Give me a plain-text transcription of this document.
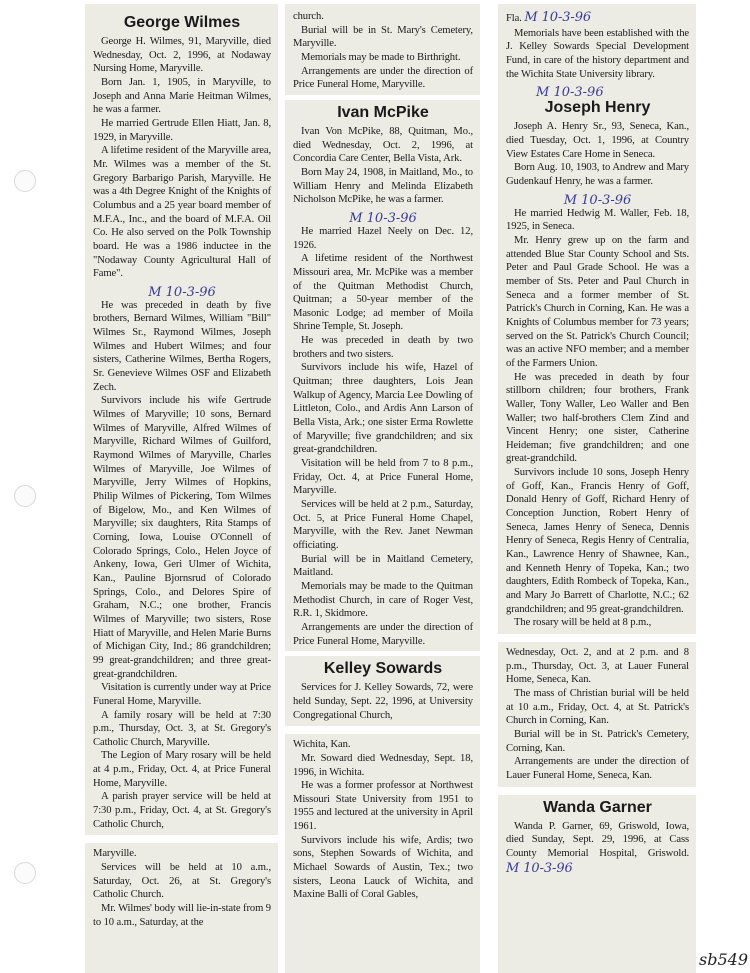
George Wilmes

George H. Wilmes, 91, Maryville, died Wednesday, Oct. 2, 1996, at Nodaway Nursing Home, Maryville.

Born Jan. 1, 1905, in Maryville, to Joseph and Anna Marie Heitman Wilmes, he was a farmer.

He married Gertrude Ellen Hiatt, Jan. 8, 1929, in Maryville.

A lifetime resident of the Maryville area, Mr. Wilmes was a member of the St. Gregory Barbarigo Parish, Maryville. He was a 4th Degree Knight of the Knights of Columbus and a 25 year board member of M.F.A., Inc., and the board of M.F.A. Oil Co. He also served on the Polk Township board. He was a 1986 inductee in the "Nodaway County Agricultural Hall of Fame".

M 10-3-96

He was preceded in death by five brothers, Bernard Wilmes, William "Bill" Wilmes Sr., Raymond Wilmes, Joseph Wilmes and Hubert Wilmes; and four sisters, Catherine Wilmes, Bertha Rogers, Sr. Genevieve Wilmes OSF and Elizabeth Zech.

Survivors include his wife Gertrude Wilmes of Maryville; 10 sons, Bernard Wilmes of Maryville, Alfred Wilmes of Maryville, Richard Wilmes of Guilford, Raymond Wilmes of Maryville, Charles Wilmes of Maryville, Joe Wilmes of Maryville, Jerry Wilmes of Hopkins, Philip Wilmes of Pickering, Tom Wilmes of Bigelow, Mo., and Ken Wilmes of Maryville; six daughters, Rita Stamps of Corning, Iowa, Louise O'Connell of Colorado Springs, Colo., Helen Joyce of Ankeny, Iowa, Geri Ulmer of Wichita, Kan., Pauline Bjornsrud of Colorado Springs, Colo., and Delores Spire of Graham, N.C.; one brother, Francis Wilmes of Maryville; two sisters, Rose Hiatt of Maryville, and Helen Marie Burns of Michigan City, Ind.; 86 grandchildren; 99 great-grandchildren; and three great-great-grandchildren.

Visitation is currently under way at Price Funeral Home, Maryville.

A family rosary will be held at 7:30 p.m., Thursday, Oct. 3, at St. Gregory's Catholic Church, Maryville.

The Legion of Mary rosary will be held at 4 p.m., Friday, Oct. 4, at Price Funeral Home, Maryville.

A parish prayer service will be held at 7:30 p.m., Friday, Oct. 4, at St. Gregory's Catholic Church,

Maryville.

Services will be held at 10 a.m., Saturday, Oct. 26, at St. Gregory's Catholic Church.

Mr. Wilmes' body will lie-in-state from 9 to 10 a.m., Saturday, at the

church.

Burial will be in St. Mary's Cemetery, Maryville.

Memorials may be made to Birthright.

Arrangements are under the direction of Price Funeral Home, Maryville.

Ivan McPike

Ivan Von McPike, 88, Quitman, Mo., died Wednesday, Oct. 2, 1996, at Concordia Care Center, Bella Vista, Ark.

Born May 24, 1908, in Maitland, Mo., to William Henry and Melinda Elizabeth Nicholson McPike, he was a farmer.

M 10-3-96

He married Hazel Neely on Dec. 12, 1926.

A lifetime resident of the Northwest Missouri area, Mr. McPike was a member of the Quitman Methodist Church, Quitman; a 50-year member of the Masonic Lodge; ad member of Moila Shrine Temple, St. Joseph.

He was preceded in death by two brothers and two sisters.

Survivors include his wife, Hazel of Quitman; three daughters, Lois Jean Walkup of Agency, Marcia Lee Dowling of Littleton, Colo., and Ardis Ann Larson of Bella Vista, Ark.; one sister Erma Rowlette of Maryville; five grandchildren; and six great-grandchildren.

Visitation will be held from 7 to 8 p.m., Friday, Oct. 4, at Price Funeral Home, Maryville.

Services will be held at 2 p.m., Saturday, Oct. 5, at Price Funeral Home Chapel, Maryville, with the Rev. Janet Newman officiating.

Burial will be in Maitland Cemetery, Maitland.

Memorials may be made to the Quitman Methodist Church, in care of Roger Vest, R.R. 1, Skidmore.

Arrangements are under the direction of Price Funeral Home, Maryville.

Kelley Sowards

Services for J. Kelley Sowards, 72, were held Sunday, Sept. 22, 1996, at University Congregational Church,

Wichita, Kan.

Mr. Soward died Wednesday, Sept. 18, 1996, in Wichita.

He was a former professor at Northwest Missouri State University from 1951 to 1955 and lectured at the university in April 1961.

Survivors include his wife, Ardis; two sons, Stephen Sowards of Wichita, and Michael Sowards of Austin, Tex.; two sisters, Leona Lauck of Wichita, and Maxine Balli of Coral Gables,

Fla. M 10-3-96

Memorials have been established with the J. Kelley Sowards Special Development Fund, in care of the history department and the Wichita State University library.

M 10-3-96
Joseph Henry

Joseph A. Henry Sr., 93, Seneca, Kan., died Tuesday, Oct. 1, 1996, at Country View Estates Care Home in Seneca.

Born Aug. 10, 1903, to Andrew and Mary Gudenkauf Henry, he was a farmer.

M 10-3-96

He married Hedwig M. Waller, Feb. 18, 1925, in Seneca.

Mr. Henry grew up on the farm and attended Blue Star County School and Sts. Peter and Paul Grade School. He was a member of Sts. Peter and Paul Church in Seneca and a former member of St. Patrick's Church in Corning, Kan. He was a Knights of Columbus member for 73 years; served on the St. Patrick's Church Council; was an active NFO member; and a member of the Farmers Union.

He was preceded in death by four stillborn children; four brothers, Frank Waller, Tony Waller, Leo Waller and Ben Waller; two half-brothers Clem Zind and Vincent Henry; one sister, Catherine Heideman; five grandchildren; and one great-grandchild.

Survivors include 10 sons, Joseph Henry of Goff, Kan., Francis Henry of Goff, Donald Henry of Goff, Richard Henry of Conception Junction, Robert Henry of Seneca, James Henry of Seneca, Dennis Henry of Seneca, Regis Henry of Centralia, Kan., Lawrence Henry of Shawnee, Kan., and Kenneth Henry of Topeka, Kan.; two daughters, Edith Rombeck of Topeka, Kan., and Mary Jo Barrett of Charlotte, N.C.; 62 grandchildren; and 95 great-grandchildren.

The rosary will be held at 8 p.m.,

Wednesday, Oct. 2, and at 2 p.m. and 8 p.m., Thursday, Oct. 3, at Lauer Funeral Home, Seneca, Kan.

The mass of Christian burial will be held at 10 a.m., Friday, Oct. 4, at St. Patrick's Church in Corning, Kan.

Burial will be in St. Patrick's Cemetery, Corning, Kan.

Arrangements are under the direction of Lauer Funeral Home, Seneca, Kan.

Wanda Garner

Wanda P. Garner, 69, Griswold, Iowa, died Sunday, Sept. 29, 1996, at Cass County Memorial Hospital, Griswold. M 10-3-96

sb549
